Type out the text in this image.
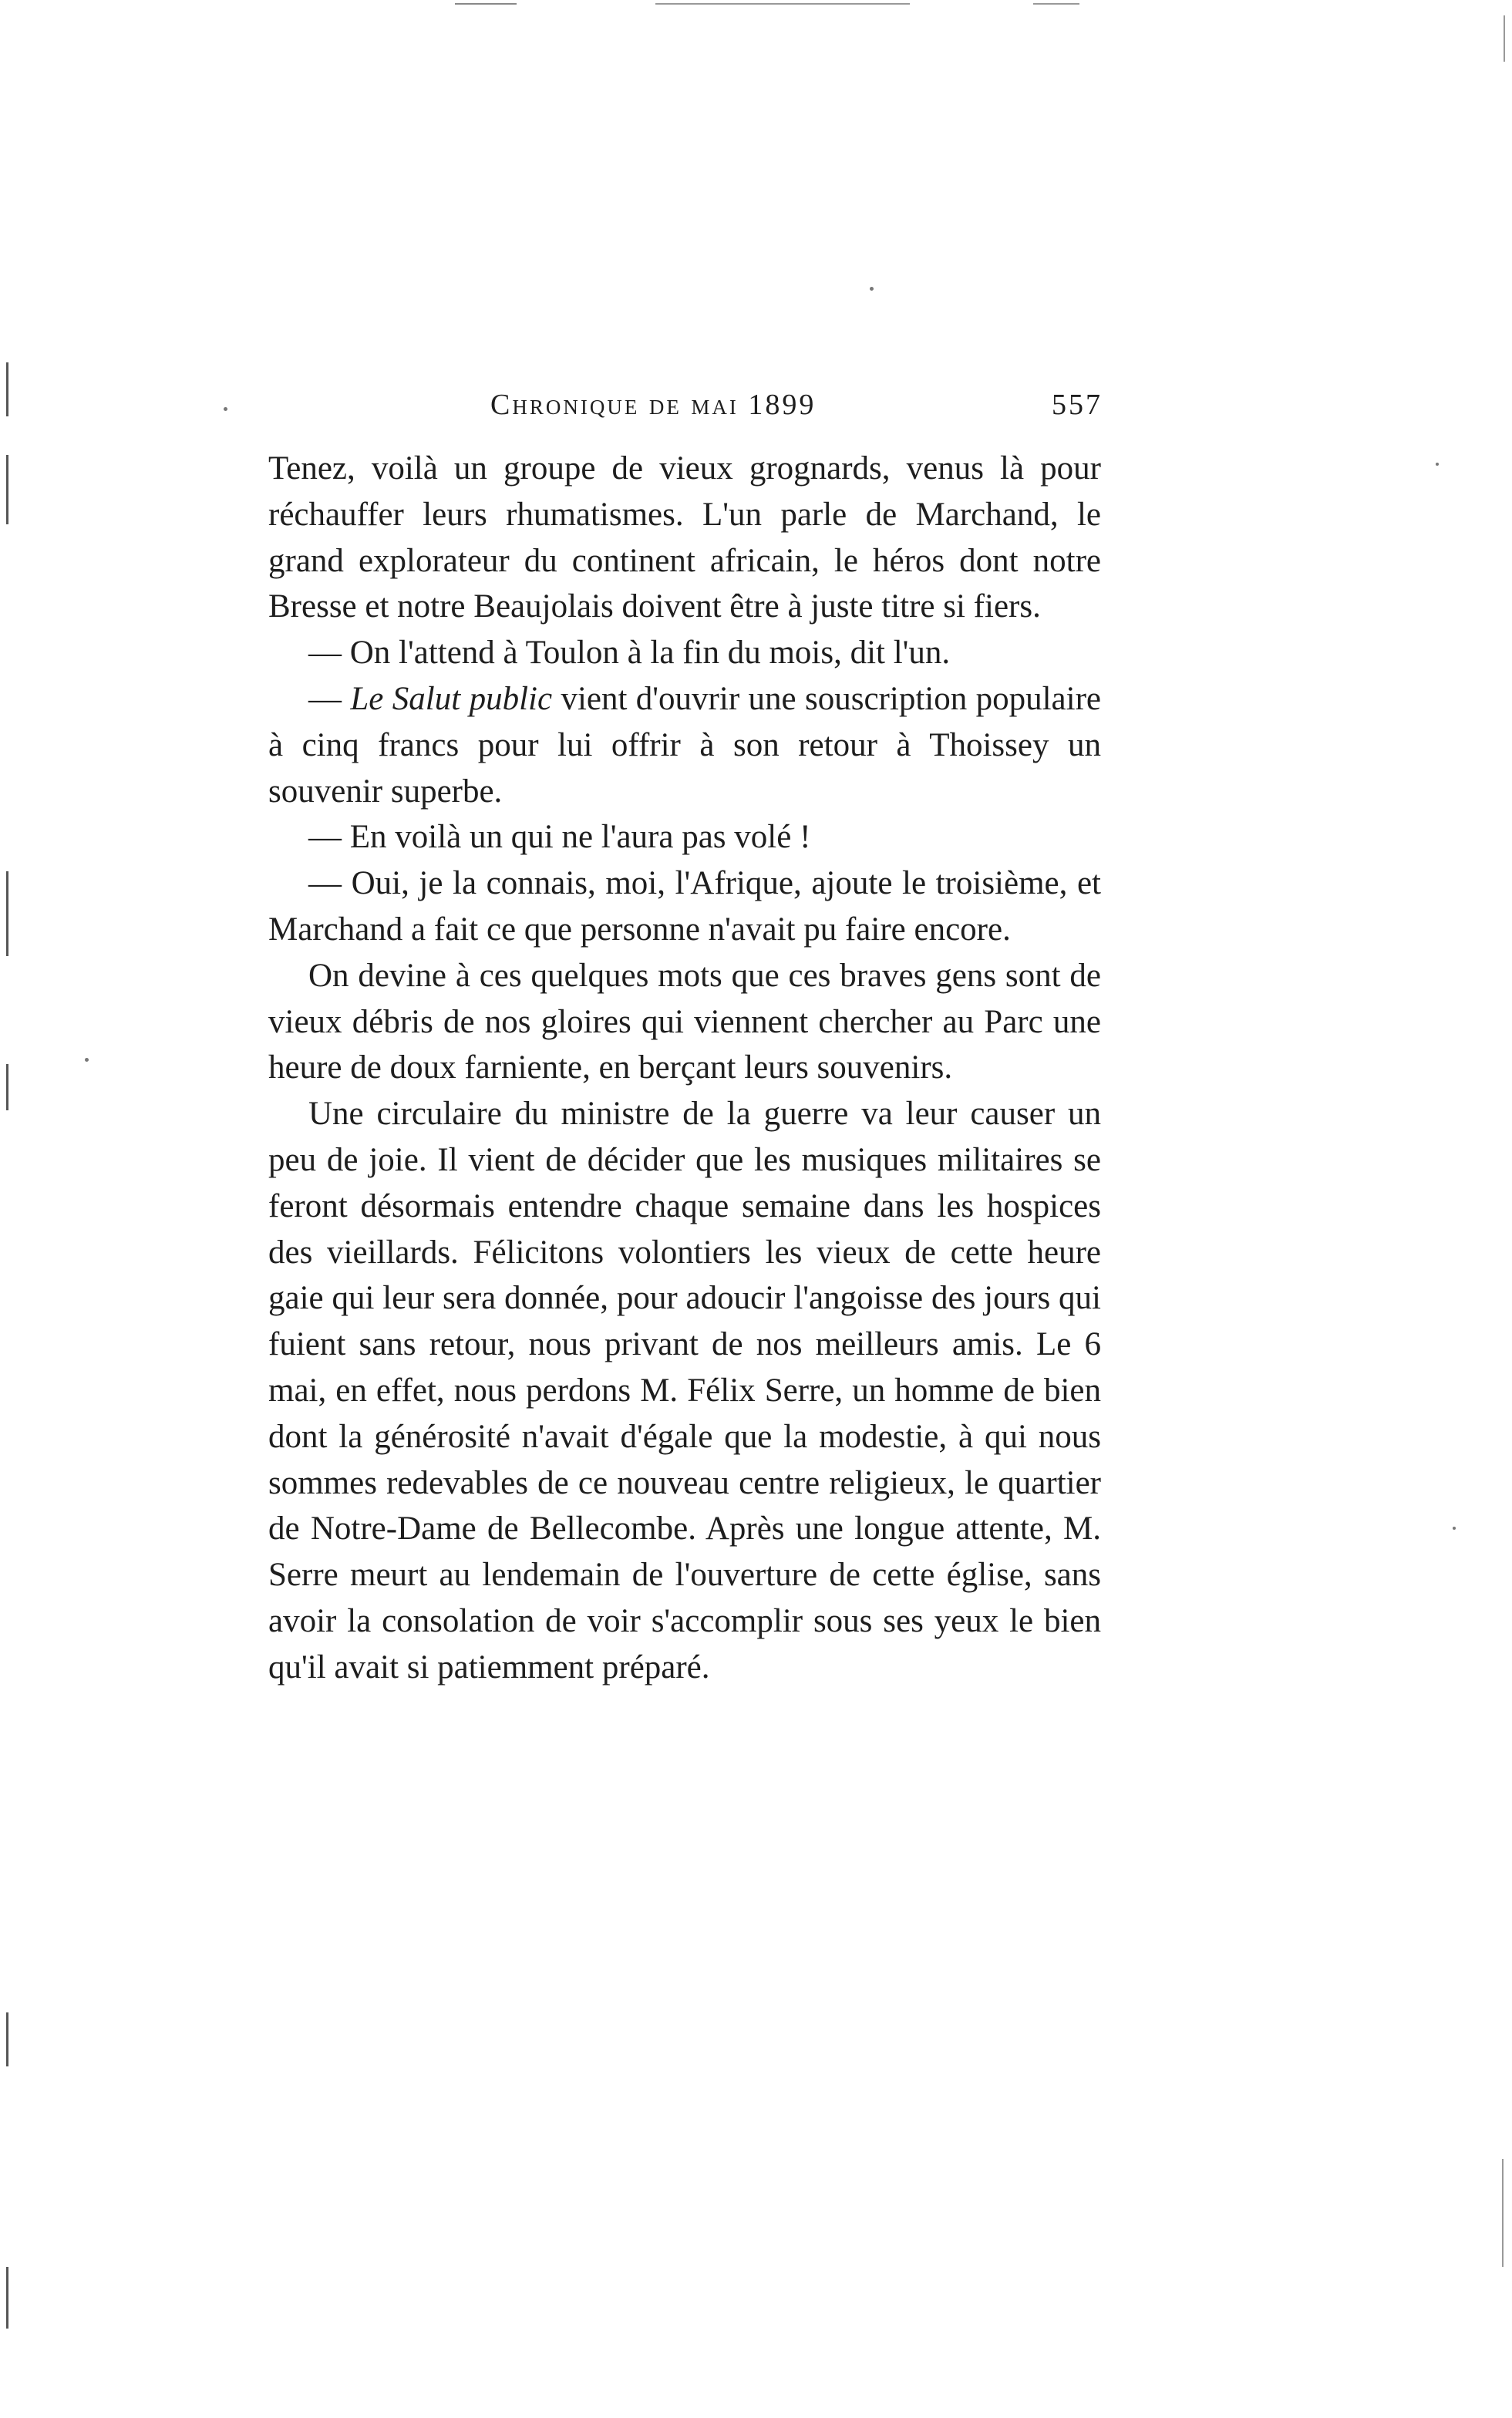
Chronique de mai 1899	557

Tenez, voilà un groupe de vieux grognards, venus là pour réchauffer leurs rhumatismes. L'un parle de Marchand, le grand explorateur du continent africain, le héros dont notre Bresse et notre Beaujolais doivent être à juste titre si fiers.

— On l'attend à Toulon à la fin du mois, dit l'un.

— Le Salut public vient d'ouvrir une souscription populaire à cinq francs pour lui offrir à son retour à Thoissey un souvenir superbe.

— En voilà un qui ne l'aura pas volé !

— Oui, je la connais, moi, l'Afrique, ajoute le troisième, et Marchand a fait ce que personne n'avait pu faire encore.

On devine à ces quelques mots que ces braves gens sont de vieux débris de nos gloires qui viennent chercher au Parc une heure de doux farniente, en berçant leurs souvenirs.

Une circulaire du ministre de la guerre va leur causer un peu de joie. Il vient de décider que les musiques militaires se feront désormais entendre chaque semaine dans les hospices des vieillards. Félicitons volontiers les vieux de cette heure gaie qui leur sera donnée, pour adoucir l'angoisse des jours qui fuient sans retour, nous privant de nos meilleurs amis. Le 6 mai, en effet, nous perdons M. Félix Serre, un homme de bien dont la générosité n'avait d'égale que la modestie, à qui nous sommes redevables de ce nouveau centre religieux, le quartier de Notre-Dame de Bellecombe. Après une longue attente, M. Serre meurt au lendemain de l'ouverture de cette église, sans avoir la consolation de voir s'accomplir sous ses yeux le bien qu'il avait si patiemment préparé.
